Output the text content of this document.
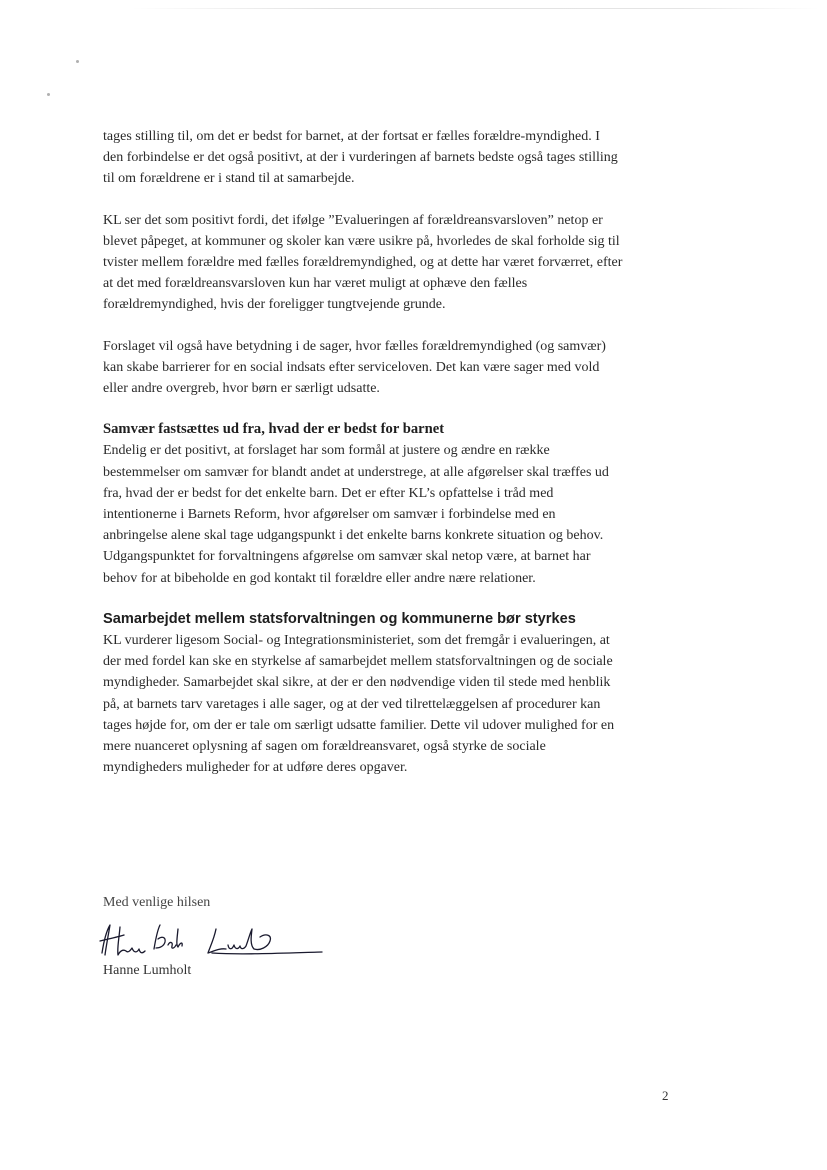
tages stilling til, om det er bedst for barnet, at der fortsat er fælles forældre-myndighed. I den forbindelse er det også positivt, at der i vurderingen af barnets bedste også tages stilling til om forældrene er i stand til at samarbejde.

KL ser det som positivt fordi, det ifølge ”Evalueringen af forældreansvarsloven” netop er blevet påpeget, at kommuner og skoler kan være usikre på, hvorledes de skal forholde sig til tvister mellem forældre med fælles forældremyndighed, og at dette har været forværret, efter at det med forældreansvarsloven kun har været muligt at ophæve den fælles forældremyndighed, hvis der foreligger tungtvejende grunde.

Forslaget vil også have betydning i de sager, hvor fælles forældremyndighed (og samvær) kan skabe barrierer for en social indsats efter serviceloven. Det kan være sager med vold eller andre overgreb, hvor børn er særligt udsatte.

Samvær fastsættes ud fra, hvad der er bedst for barnet

Endelig er det positivt, at forslaget har som formål at justere og ændre en række bestemmelser om samvær for blandt andet at understrege, at alle afgørelser skal træffes ud fra, hvad der er bedst for det enkelte barn. Det er efter KL’s opfattelse i tråd med intentionerne i Barnets Reform, hvor afgørelser om samvær i forbindelse med en anbringelse alene skal tage udgangspunkt i det enkelte barns konkrete situation og behov. Udgangspunktet for forvaltningens afgørelse om samvær skal netop være, at barnet har behov for at bibeholde en god kontakt til forældre eller andre nære relationer.

Samarbejdet mellem statsforvaltningen og kommunerne bør styrkes

KL vurderer ligesom Social- og Integrationsministeriet, som det fremgår i evalueringen, at der med fordel kan ske en styrkelse af samarbejdet mellem statsforvaltningen og de sociale myndigheder. Samarbejdet skal sikre, at der er den nødvendige viden til stede med henblik på, at barnets tarv varetages i alle sager, og at der ved tilrettelæggelsen af procedurer kan tages højde for, om der er tale om særligt udsatte familier. Dette vil udover mulighed for en mere nuanceret oplysning af sagen om forældreansvaret, også styrke de sociale myndigheders muligheder for at udføre deres opgaver.

Med venlige hilsen
Hanne Lumholt
2
